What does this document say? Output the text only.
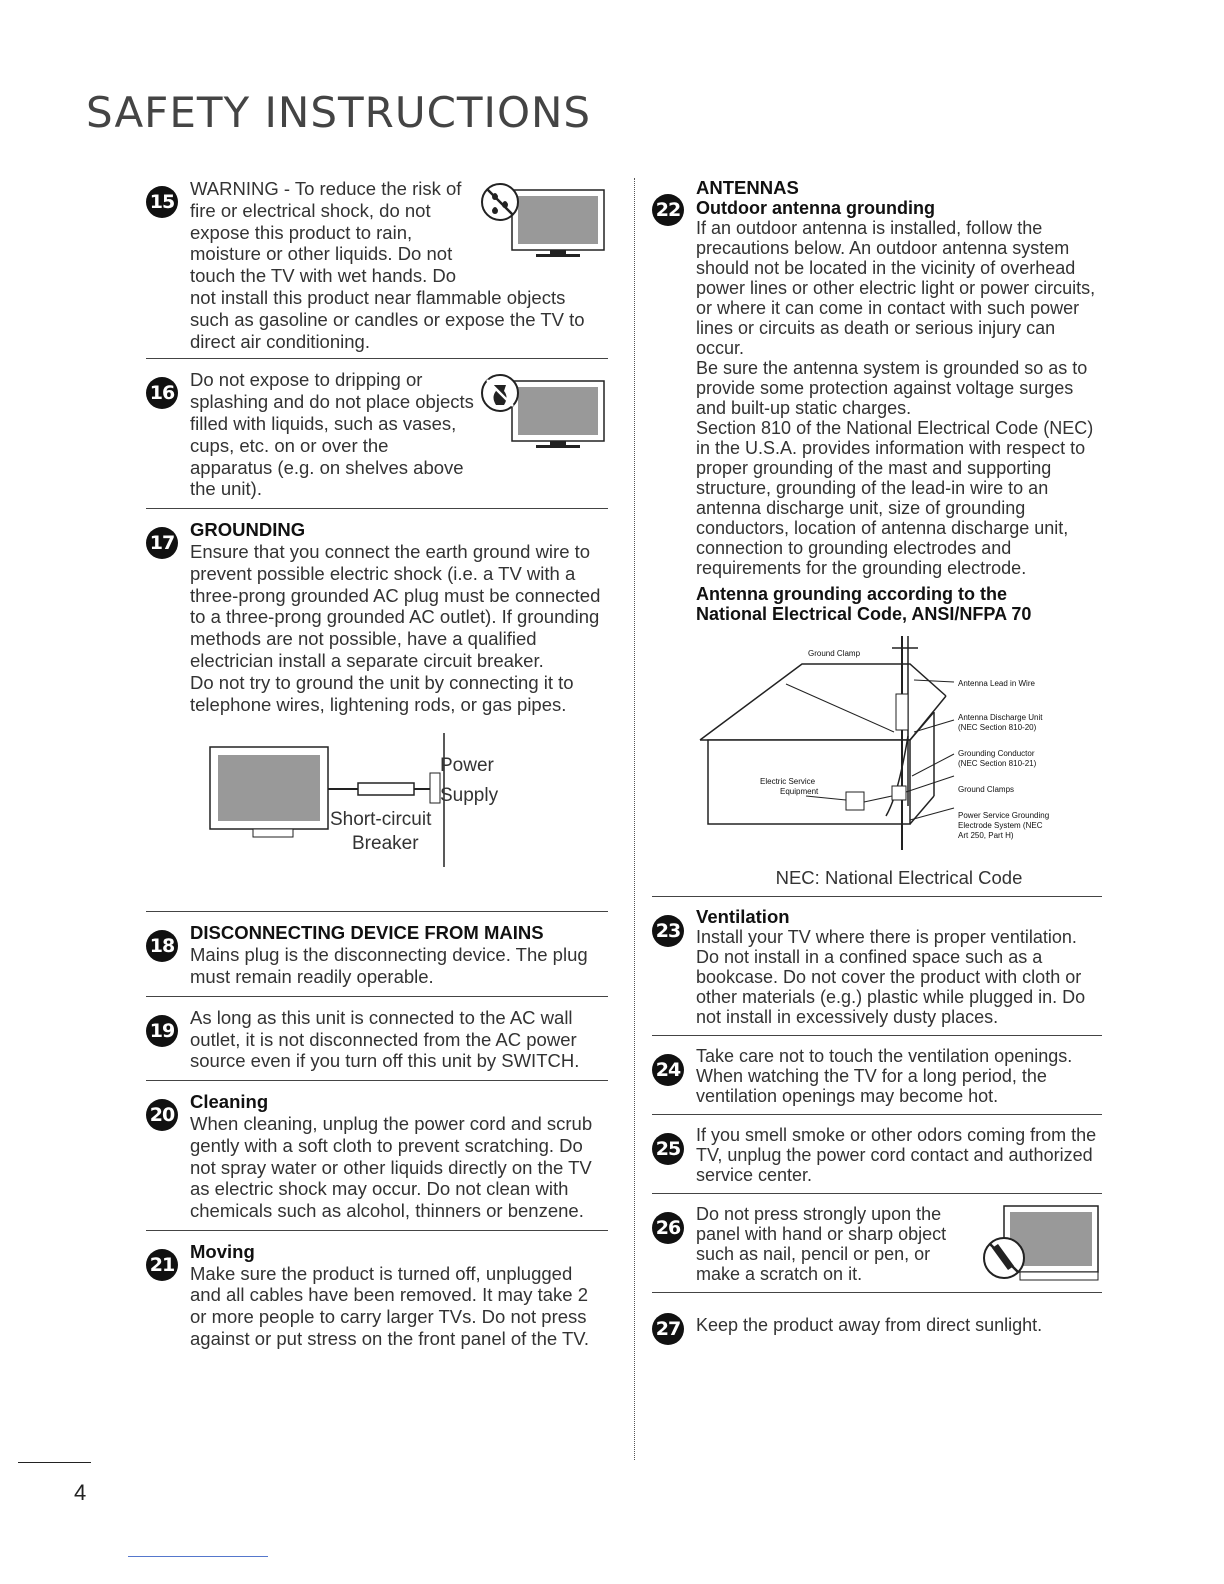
SAFETY INSTRUCTIONS
15

WARNING - To reduce the risk of fire or electrical shock, do not expose this product to rain, moisture or other liquids. Do not touch the TV with wet hands. Do not install this product near flammable objects such as gasoline or candles or expose the TV to direct air conditioning.

16

Do not expose to dripping or splashing and do not place objects filled with liquids, such as vases, cups, etc. on or over the apparatus (e.g. on shelves above the unit).

17
GROUNDING

Ensure that you connect the earth ground wire to prevent possible electric shock (i.e. a TV with a three-prong grounded AC plug must be connected to a three-prong grounded AC outlet). If grounding methods are not possible, have a qualified electrician install a separate circuit breaker.

Do not try to ground the unit by connecting it to telephone wires, lightening rods, or gas pipes.

Power
Supply
Short-circuit
Breaker
18
DISCONNECTING DEVICE FROM MAINS

Mains plug is the disconnecting device. The plug must remain readily operable.

19

As long as this unit is connected to the AC wall outlet, it is not disconnected from the AC power source even if you turn off this unit by SWITCH.

20
Cleaning

When cleaning, unplug the power cord and scrub gently with a soft cloth to prevent scratching. Do not spray water or other liquids directly on the TV as electric shock may occur. Do not clean with chemicals such as alcohol, thinners or benzene.

21
Moving

Make sure the product is turned off, unplugged and all cables have been removed. It may take 2 or more people to carry larger TVs. Do not press against or put stress on the front panel of the TV.

22
ANTENNAS
Outdoor antenna grounding

If an outdoor antenna is installed, follow the precautions below. An outdoor antenna system should not be located in the vicinity of overhead power lines or other electric light or power circuits, or where it can come in contact with such power lines or circuits as death or serious injury can occur.

Be sure the antenna system is grounded so as to provide some protection against voltage surges and built-up static charges.

Section 810 of the National Electrical Code (NEC) in the U.S.A. provides information with respect to proper grounding of the mast and supporting structure, grounding of the lead-in wire to an antenna discharge unit, size of grounding conductors, location of antenna discharge unit, connection to grounding electrodes and requirements for the grounding electrode.

Antenna grounding according to the
National Electrical Code, ANSI/NFPA 70
Ground Clamp
Antenna Lead in Wire
Antenna Discharge Unit
(NEC Section 810-20)
Grounding Conductor
(NEC Section 810-21)
Ground Clamps
Electric Service
Equipment
Power Service Grounding
Electrode System (NEC
Art 250, Part H)
NEC: National Electrical Code
23
Ventilation

Install your TV where there is proper ventilation. Do not install in a confined space such as a bookcase. Do not cover the product with cloth or other materials (e.g.) plastic while plugged in. Do not install in excessively dusty places.

24

Take care not to touch the ventilation openings. When watching the TV for a long period, the ventilation openings may become hot.

25

If you smell smoke or other odors coming from the TV, unplug the power cord contact and authorized service center.

26

Do not press strongly upon the panel with hand or sharp object such as nail, pencil or pen, or make a scratch on it.

27 Keep the product away from direct sunlight.

4
